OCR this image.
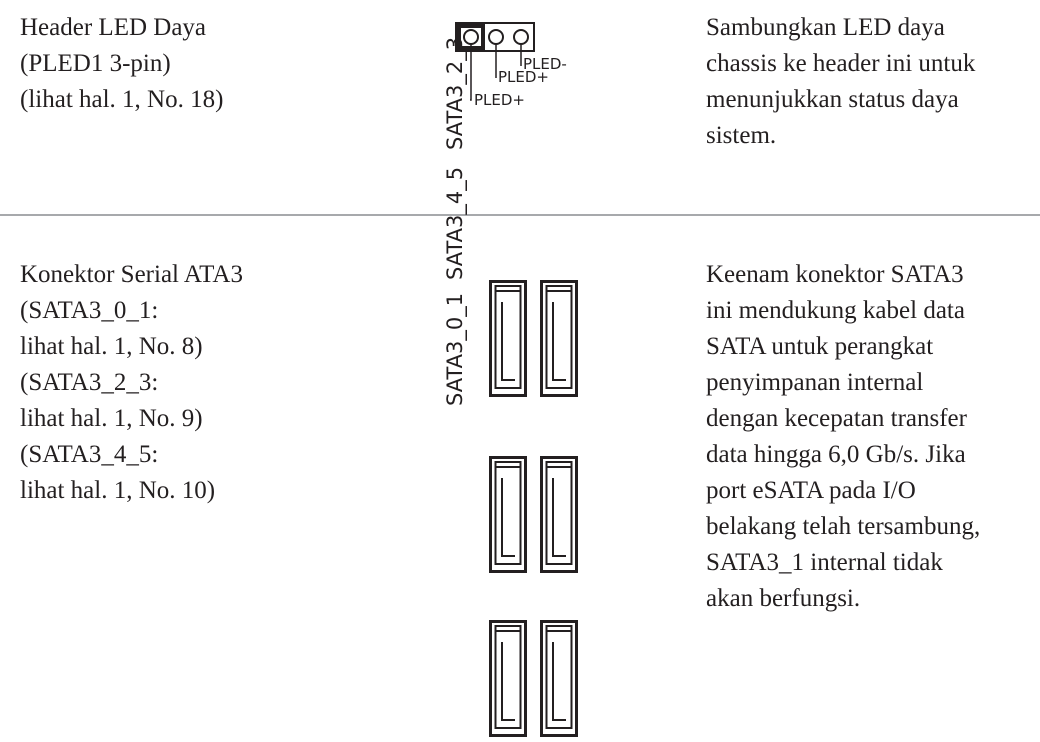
Header LED Daya
(PLED1 3-pin)
(lihat hal. 1, No. 18)
Sambungkan LED daya
chassis ke header ini untuk
menunjukkan status daya
sistem.
PLED-
PLED+
PLED+
Konektor Serial ATA3
(SATA3_0_1:
lihat hal. 1, No. 8)
(SATA3_2_3:
lihat hal. 1, No. 9)
(SATA3_4_5:
lihat hal. 1, No. 10)
Keenam konektor SATA3
ini mendukung kabel data
SATA untuk perangkat
penyimpanan internal
dengan kecepatan transfer
data hingga 6,0 Gb/s. Jika
port eSATA pada I/O
belakang telah tersambung,
SATA3_1 internal tidak
akan berfungsi.
SATA3_0_1
SATA3_4_5
SATA3_2_3
